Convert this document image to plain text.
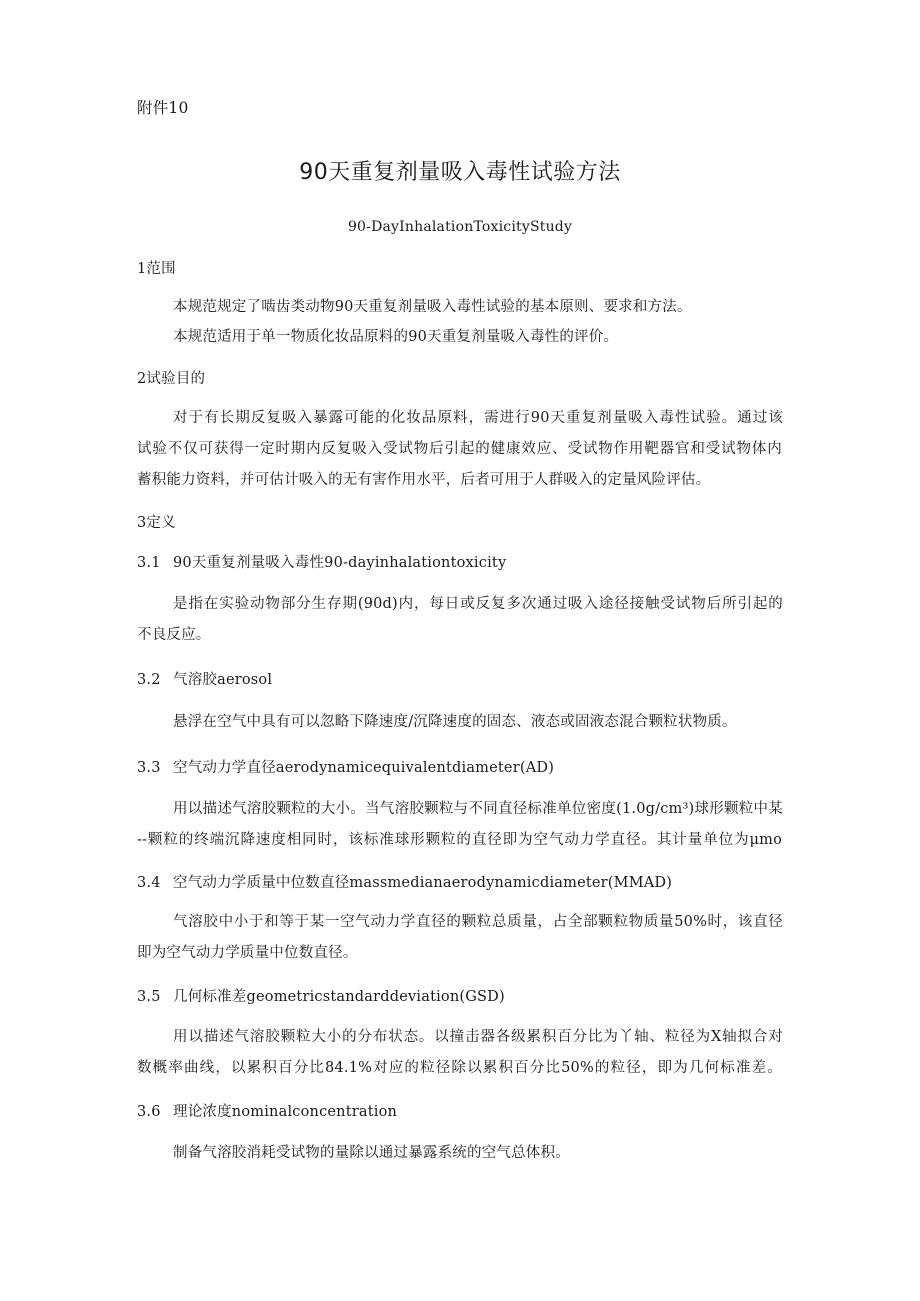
附件10
90天重复剂量吸入毒性试验方法
90-DayInhalationToxicityStudy
1范围
本规范规定了啮齿类动物90天重复剂量吸入毒性试验的基本原则、要求和方法。
本规范适用于单一物质化妆品原料的90天重复剂量吸入毒性的评价。
2试验目的
对于有长期反复吸入暴露可能的化妆品原料，需进行90天重复剂量吸入毒性试验。通过该
试验不仅可获得一定时期内反复吸入受试物后引起的健康效应、受试物作用靶器官和受试物体内
蓄积能力资料，并可估计吸入的无有害作用水平，后者可用于人群吸入的定量风险评估。
3定义
3.1 90天重复剂量吸入毒性90-dayinhalationtoxicity
是指在实验动物部分生存期(90d)内，每日或反复多次通过吸入途径接触受试物后所引起的
不良反应。
3.2 气溶胶aerosol
悬浮在空气中具有可以忽略下降速度/沉降速度的固态、液态或固液态混合颗粒状物质。
3.3 空气动力学直径aerodynamicequivalentdiameter(AD)
用以描述气溶胶颗粒的大小。当气溶胶颗粒与不同直径标准单位密度(1.0g∕cm³)球形颗粒中某
--颗粒的终端沉降速度相同时，该标准球形颗粒的直径即为空气动力学直径。其计量单位为μmo
3.4 空气动力学质量中位数直径massmedianaerodynamicdiameter(MMAD)
气溶胶中小于和等于某一空气动力学直径的颗粒总质量，占全部颗粒物质量50%时，该直径
即为空气动力学质量中位数直径。
3.5 几何标准差geometricstandarddeviation(GSD)
用以描述气溶胶颗粒大小的分布状态。以撞击器各级累积百分比为丫轴、粒径为X轴拟合对
数概率曲线，以累积百分比84.1%对应的粒径除以累积百分比50%的粒径，即为几何标准差。
3.6 理论浓度nominalconcentration
制备气溶胶消耗受试物的量除以通过暴露系统的空气总体积。
